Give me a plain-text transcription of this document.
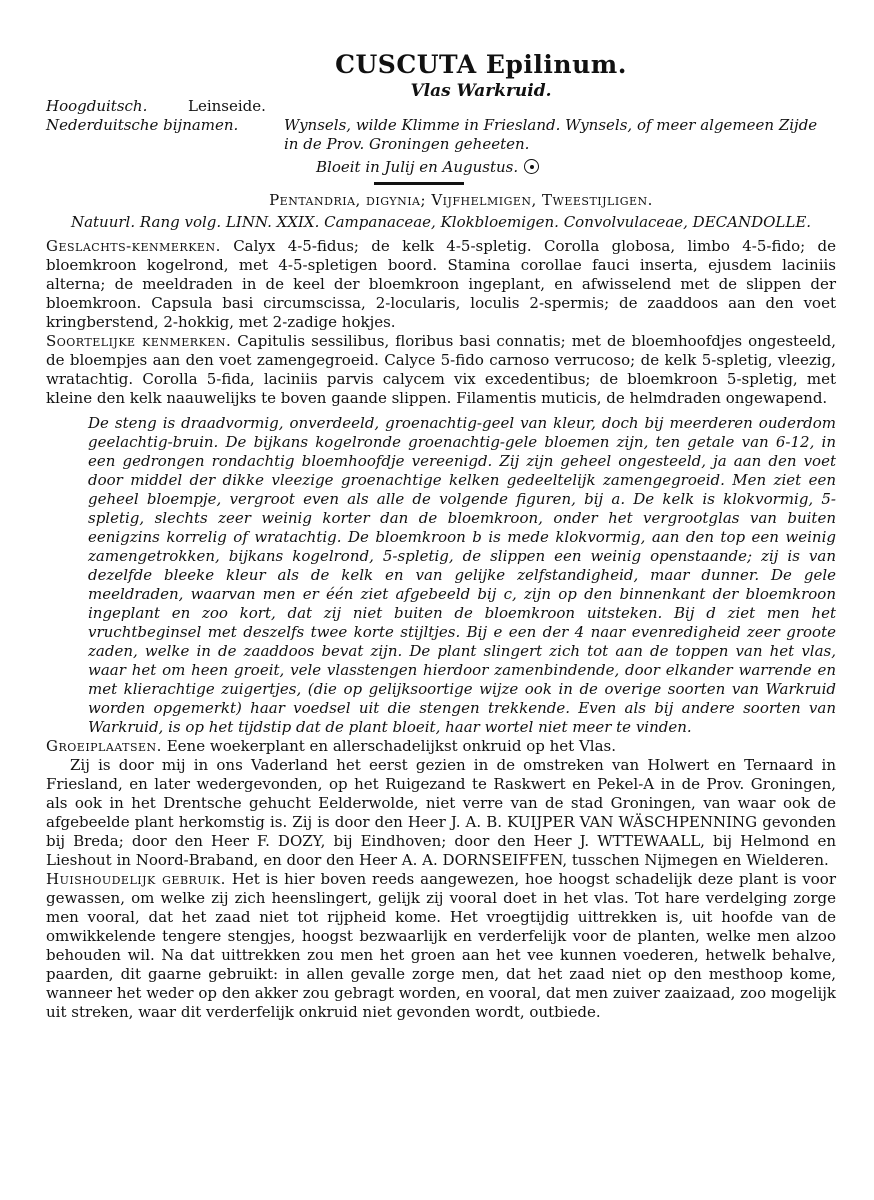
CUSCUTA Epilinum.
Vlas Warkruid.
Hoogduitsch.	Leinseide.
Nederduitsche bijnamen.	Wynsels, wilde Klimme in Friesland. Wynsels, of meer algemeen Zijde in de Prov. Groningen geheeten.
Bloeit in Julij en Augustus.
Pentandria, digynia; Vijfhelmigen, Tweestijligen.
Natuurl. Rang volg. LINN. XXIX. Campanaceae, Klokbloemigen. Convolvulaceae, DECANDOLLE.
Geslachts-kenmerken. Calyx 4-5-fidus; de kelk 4-5-spletig. Corolla globosa, limbo 4-5-fido; de bloemkroon kogelrond, met 4-5-spletigen boord. Stamina corollae fauci inserta, ejusdem laciniis alterna; de meeldraden in de keel der bloemkroon ingeplant, en afwisselend met de slippen der bloemkroon. Capsula basi circumscissa, 2-locularis, loculis 2-spermis; de zaaddoos aan den voet kringberstend, 2-hokkig, met 2-zadige hokjes.
Soortelijke kenmerken. Capitulis sessilibus, floribus basi connatis; met de bloemhoofdjes ongesteeld, de bloempjes aan den voet zamengegroeid. Calyce 5-fido carnoso verrucoso; de kelk 5-spletig, vleezig, wratachtig. Corolla 5-fida, laciniis parvis calycem vix excedentibus; de bloemkroon 5-spletig, met kleine den kelk naauwelijks te boven gaande slippen. Filamentis muticis, de helmdraden ongewapend.
De steng is draadvormig, onverdeeld, groenachtig-geel van kleur, doch bij meerderen ouderdom geelachtig-bruin. De bijkans kogelronde groenachtig-gele bloemen zijn, ten getale van 6-12, in een gedrongen rondachtig bloemhoofdje vereenigd. Zij zijn geheel ongesteeld, ja aan den voet door middel der dikke vleezige groenachtige kelken gedeeltelijk zamengegroeid. Men ziet een geheel bloempje, vergroot even als alle de volgende figuren, bij a. De kelk is klokvormig, 5-spletig, slechts zeer weinig korter dan de bloemkroon, onder het vergrootglas van buiten eenigzins korrelig of wratachtig. De bloemkroon b is mede klokvormig, aan den top een weinig zamengetrokken, bijkans kogelrond, 5-spletig, de slippen een weinig openstaande; zij is van dezelfde bleeke kleur als de kelk en van gelijke zelfstandigheid, maar dunner. De gele meeldraden, waarvan men er één ziet afgebeeld bij c, zijn op den binnenkant der bloemkroon ingeplant en zoo kort, dat zij niet buiten de bloemkroon uitsteken. Bij d ziet men het vruchtbeginsel met deszelfs twee korte stijltjes. Bij e een der 4 naar evenredigheid zeer groote zaden, welke in de zaaddoos bevat zijn. De plant slingert zich tot aan de toppen van het vlas, waar het om heen groeit, vele vlasstengen hierdoor zamenbindende, door elkander warrende en met klierachtige zuigertjes, (die op gelijksoortige wijze ook in de overige soorten van Warkruid worden opgemerkt) haar voedsel uit die stengen trekkende. Even als bij andere soorten van Warkruid, is op het tijdstip dat de plant bloeit, haar wortel niet meer te vinden.
Groeiplaatsen. Eene woekerplant en allerschadelijkst onkruid op het Vlas.
Zij is door mij in ons Vaderland het eerst gezien in de omstreken van Holwert en Ternaard in Friesland, en later wedergevonden, op het Ruigezand te Raskwert en Pekel-A in de Prov. Groningen, als ook in het Drentsche gehucht Eelderwolde, niet verre van de stad Groningen, van waar ook de afgebeelde plant herkomstig is. Zij is door den Heer J. A. B. KUIJPER VAN WÄSCHPENNING gevonden bij Breda; door den Heer F. DOZY, bij Eindhoven; door den Heer J. WTTEWAALL, bij Helmond en Lieshout in Noord-Braband, en door den Heer A. A. DORNSEIFFEN, tusschen Nijmegen en Wielderen.
Huishoudelijk gebruik. Het is hier boven reeds aangewezen, hoe hoogst schadelijk deze plant is voor gewassen, om welke zij zich heenslingert, gelijk zij vooral doet in het vlas. Tot hare verdelging zorge men vooral, dat het zaad niet tot rijpheid kome. Het vroegtijdig uittrekken is, uit hoofde van de omwikkelende tengere stengjes, hoogst bezwaarlijk en verderfelijk voor de planten, welke men alzoo behouden wil. Na dat uittrekken zou men het groen aan het vee kunnen voederen, hetwelk behalve, paarden, dit gaarne gebruikt: in allen gevalle zorge men, dat het zaad niet op den mesthoop kome, wanneer het weder op den akker zou gebragt worden, en vooral, dat men zuiver zaaizaad, zoo mogelijk uit streken, waar dit verderfelijk onkruid niet gevonden wordt, outbiede.
